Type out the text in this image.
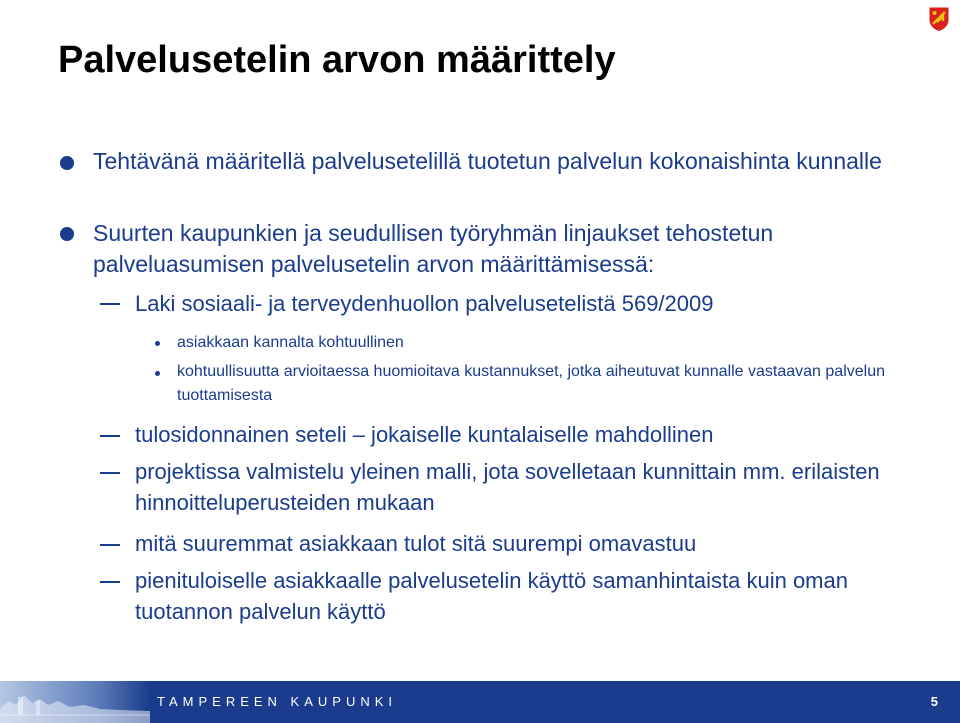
Palvelusetelin arvon määrittely
Tehtävänä määritellä palvelusetelillä tuotetun palvelun kokonaishinta kunnalle
Suurten kaupunkien ja seudullisen työryhmän linjaukset tehostetun palveluasumisen palvelusetelin arvon määrittämisessä:
Laki sosiaali- ja terveydenhuollon palvelusetelistä 569/2009
asiakkaan kannalta kohtuullinen
kohtuullisuutta arvioitaessa huomioitava kustannukset, jotka aiheutuvat kunnalle vastaavan palvelun tuottamisesta
tulosidonnainen seteli – jokaiselle kuntalaiselle mahdollinen
projektissa valmistelu yleinen malli, jota sovelletaan kunnittain mm. erilaisten hinnoitteluperusteiden mukaan
mitä suuremmat asiakkaan tulot sitä suurempi omavastuu
pienituloiselle asiakkaalle palvelusetelin käyttö samanhintaista kuin oman tuotannon palvelun käyttö
TAMPEREEN KAUPUNKI	5
